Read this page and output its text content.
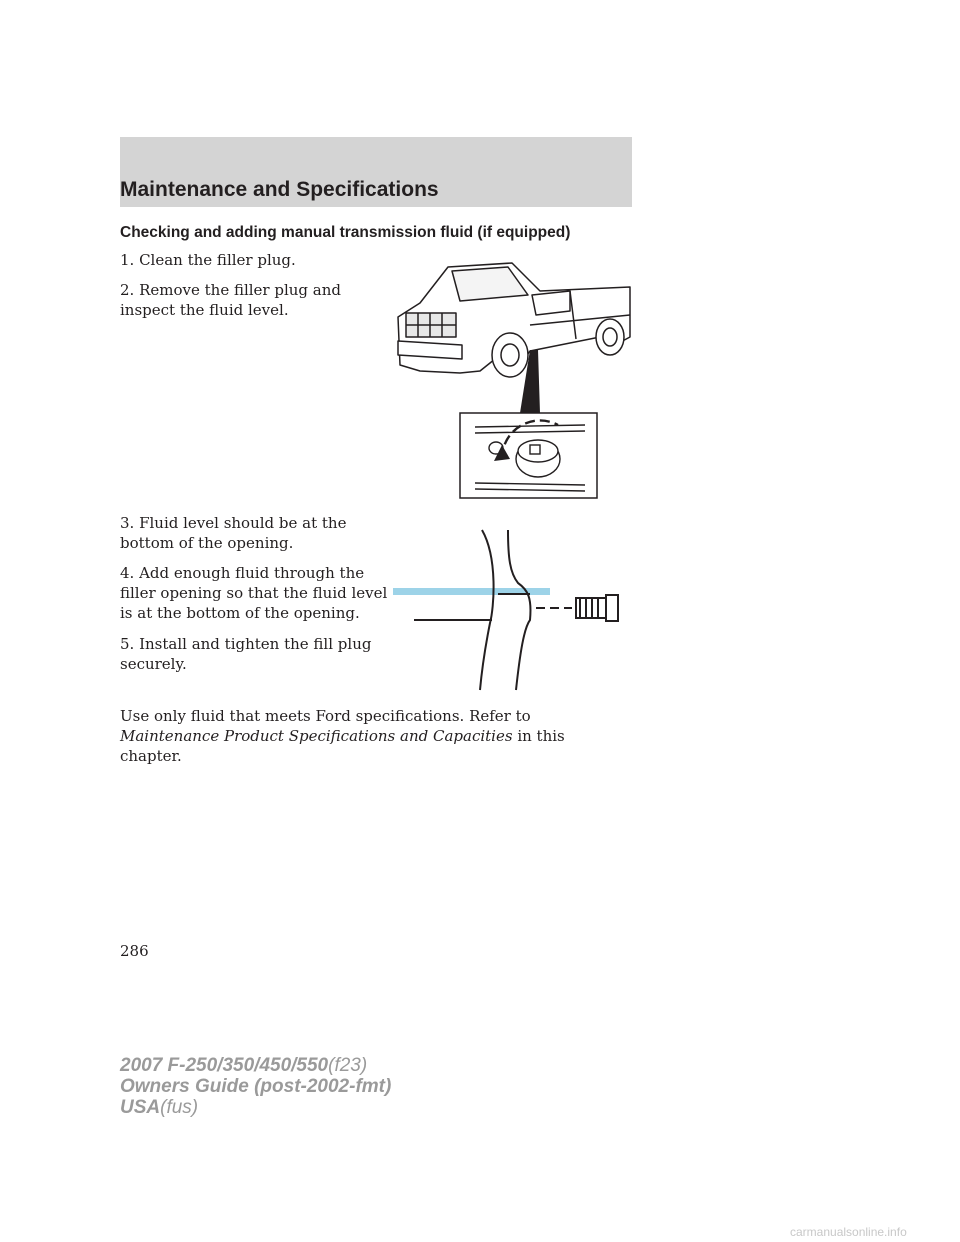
Maintenance and Specifications
Checking and adding manual transmission fluid (if equipped)
1. Clean the filler plug.
2. Remove the filler plug and inspect the fluid level.
3. Fluid level should be at the bottom of the opening.
4. Add enough fluid through the filler opening so that the fluid level is at the bottom of the opening.
5. Install and tighten the fill plug securely.
Use only fluid that meets Ford specifications. Refer to Maintenance Product Specifications and Capacities in this chapter.
286
2007 F-250/350/450/550(f23)
Owners Guide (post-2002-fmt)
USA(fus)
carmanualsonline.info
